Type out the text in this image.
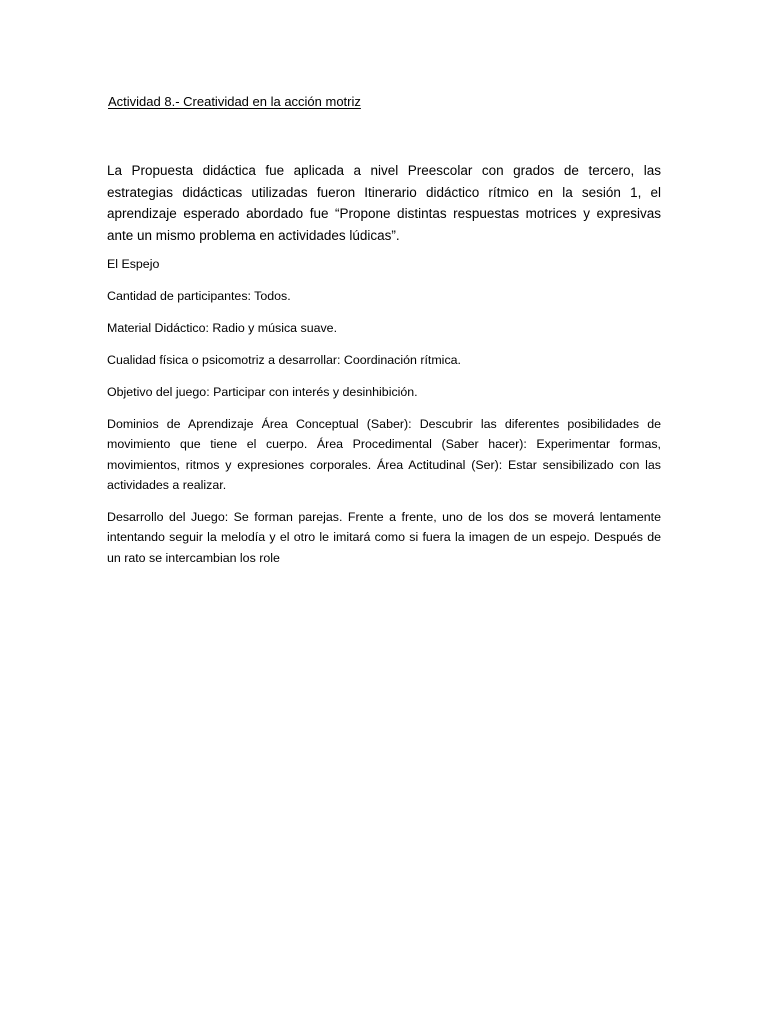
Actividad 8.- Creatividad en la acción motriz

La Propuesta didáctica fue aplicada a nivel Preescolar con grados de tercero, las estrategias didácticas utilizadas fueron Itinerario didáctico rítmico en la sesión 1, el aprendizaje esperado abordado fue “Propone distintas respuestas motrices y expresivas ante un mismo problema en actividades lúdicas”.

El Espejo

Cantidad de participantes: Todos.

Material Didáctico: Radio y música suave.

Cualidad física o psicomotriz a desarrollar: Coordinación rítmica.

Objetivo del juego: Participar con interés y desinhibición.

Dominios de Aprendizaje Área Conceptual (Saber): Descubrir las diferentes posibilidades de movimiento que tiene el cuerpo. Área Procedimental (Saber hacer): Experimentar formas, movimientos, ritmos y expresiones corporales. Área Actitudinal (Ser): Estar sensibilizado con las actividades a realizar.

Desarrollo del Juego: Se forman parejas. Frente a frente, uno de los dos se moverá lentamente intentando seguir la melodía y el otro le imitará como si fuera la imagen de un espejo. Después de un rato se intercambian los role
